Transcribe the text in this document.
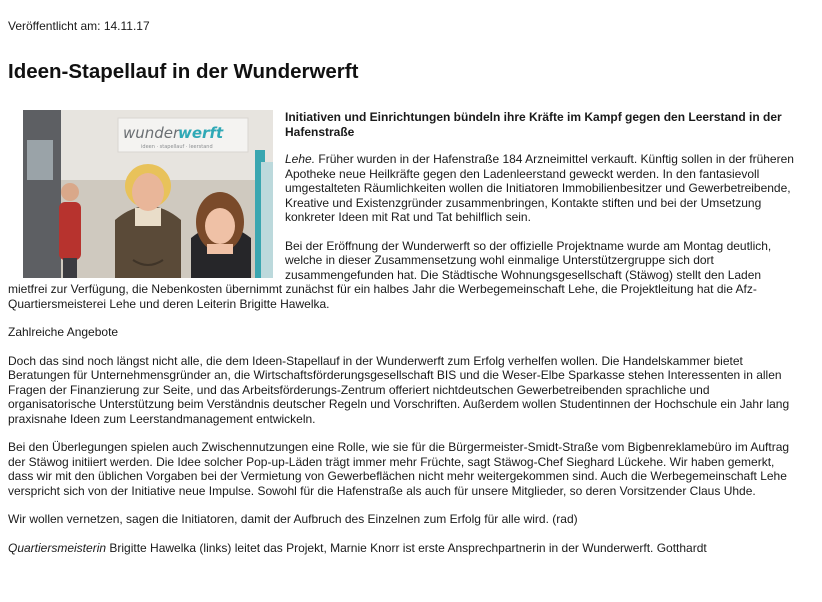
Veröffentlicht am: 14.11.17

Ideen-Stapellauf in der Wunderwerft
wunder
werft
ideen · stapellauf · leerstand

Initiativen und Einrichtungen bündeln ihre Kräfte im Kampf gegen den Leerstand in der Hafenstraße

Lehe. Früher wurden in der Hafenstraße 184 Arzneimittel verkauft. Künftig sollen in der früheren Apotheke neue Heilkräfte gegen den Ladenleerstand geweckt werden. In den fantasievoll umgestalteten Räumlichkeiten wollen die Initiatoren Immobilienbesitzer und Gewerbetreibende, Kreative und Existenzgründer zusammenbringen, Kontakte stiften und bei der Umsetzung konkreter Ideen mit Rat und Tat behilflich sein.

Bei der Eröffnung der Wunderwerft so der offizielle Projektname wurde am Montag deutlich, welche in dieser Zusammensetzung wohl einmalige Unterstützergruppe sich dort zusammengefunden hat. Die Städtische Wohnungsgesellschaft (Stäwog) stellt den Laden mietfrei zur Verfügung, die Nebenkosten übernimmt zunächst für ein halbes Jahr die Werbegemeinschaft Lehe, die Projektleitung hat die Afz-Quartiersmeisterei Lehe und deren Leiterin Brigitte Hawelka.

Zahlreiche Angebote

Doch das sind noch längst nicht alle, die dem Ideen-Stapellauf in der Wunderwerft zum Erfolg verhelfen wollen. Die Handelskammer bietet Beratungen für Unternehmensgründer an, die Wirtschaftsförderungsgesellschaft BIS und die Weser-Elbe Sparkasse stehen Interessenten in allen Fragen der Finanzierung zur Seite, und das Arbeitsförderungs-Zentrum offeriert nichtdeutschen Gewerbetreibenden sprachliche und organisatorische Unterstützung beim Verständnis deutscher Regeln und Vorschriften. Außerdem wollen Studentinnen der Hochschule ein Jahr lang praxisnahe Ideen zum Leerstandmanagement entwickeln.

Bei den Überlegungen spielen auch Zwischennutzungen eine Rolle, wie sie für die Bürgermeister-Smidt-Straße vom Bigbenreklamebüro im Auftrag der Stäwog initiiert werden. Die Idee solcher Pop-up-Läden trägt immer mehr Früchte, sagt Stäwog-Chef Sieghard Lückehe. Wir haben gemerkt, dass wir mit den üblichen Vorgaben bei der Vermietung von Gewerbeflächen nicht mehr weitergekommen sind. Auch die Werbegemeinschaft Lehe verspricht sich von der Initiative neue Impulse. Sowohl für die Hafenstraße als auch für unsere Mitglieder, so deren Vorsitzender Claus Uhde.

Wir wollen vernetzen, sagen die Initiatoren, damit der Aufbruch des Einzelnen zum Erfolg für alle wird. (rad)

Quartiersmeisterin Brigitte Hawelka (links) leitet das Projekt, Marnie Knorr ist erste Ansprechpartnerin in der Wunderwerft. Gotthardt
